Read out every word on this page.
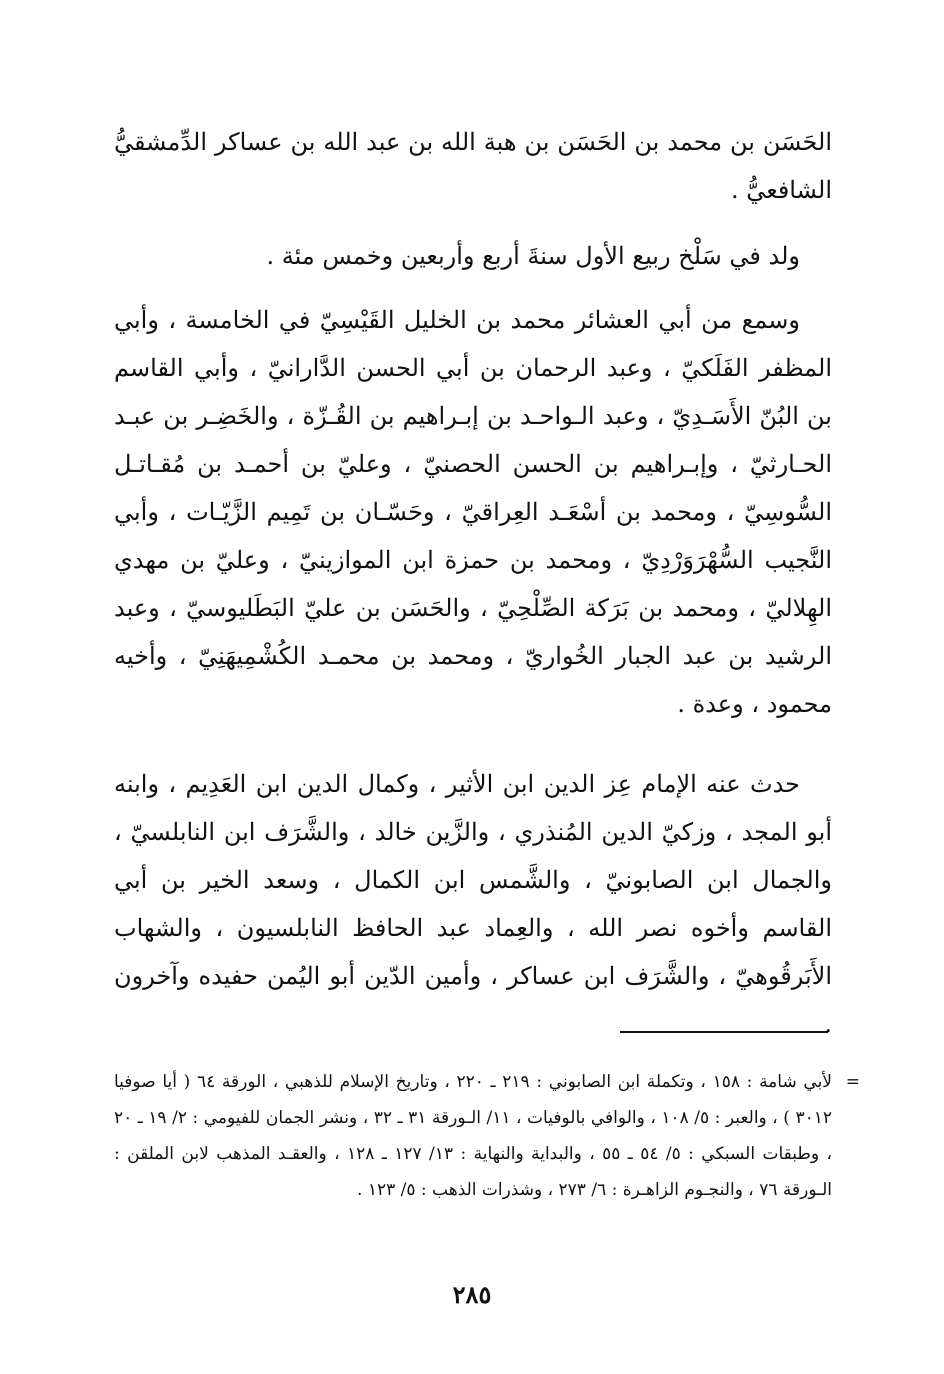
الحَسَن بن محمد بن الحَسَن بن هبة الله بن عبد الله بن عساكر الدِّمشقيُّ الشافعيُّ .

ولد في سَلْخ ربيع الأول سنةَ أربع وأربعين وخمس مئة .

وسمع من أبي العشائر محمد بن الخليل القَيْسِيّ في الخامسة ، وأبي المظفر الفَلَكيّ ، وعبد الرحمان بن أبي الحسن الدَّارانيّ ، وأبي القاسم بن البُنّ الأَسَـدِيّ ، وعبد الـواحـد بن إبـراهيم بن القُـزّة ، والخَضِـر بن عبـد الحـارثيّ ، وإبـراهيم بن الحسن الحصنيّ ، وعليّ بن أحمـد بن مُقـاتـل السُّوسِيّ ، ومحمد بن أسْعَـد العِراقيّ ، وحَسّـان بن تَمِيم الزَّيّـات ، وأبي النَّجيب السُّهْرَوَرْدِيّ ، ومحمد بن حمزة ابن الموازينيّ ، وعليّ بن مهدي الهِلاليّ ، ومحمد بن بَرَكة الصِّلْحِيّ ، والحَسَن بن عليّ البَطَليوسيّ ، وعبد الرشيد بن عبد الجبار الخُواريّ ، ومحمد بن محمـد الكُشْمِيهَنِيّ ، وأخيه محمود ، وعدة .

حدث عنه الإمام عِز الدين ابن الأثير ، وكمال الدين ابن العَدِيم ، وابنه أبو المجد ، وزكيّ الدين المُنذري ، والزَّين خالد ، والشَّرَف ابن النابلسيّ ، والجمال ابن الصابونيّ ، والشَّمس ابن الكمال ، وسعد الخير بن أبي القاسم وأخوه نصر الله ، والعِماد عبد الحافظ النابلسيون ، والشهاب الأَبَرقُوهيّ ، والشَّرَف ابن عساكر ، وأمين الدّين أبو اليُمن حفيده وآخرون .

=
لأبي شامة : ١٥٨ ، وتكملة ابن الصابوني : ٢١٩ ـ ٢٢٠ ، وتاريخ الإسلام للذهبي ، الورقة ٦٤ ( أيا صوفيا ٣٠١٢ ) ، والعبر : ٥/ ١٠٨ ، والوافي بالوفيات ، ١١/ الـورقة ٣١ ـ ٣٢ ، ونشر الجمان للفيومي : ٢/ ١٩ ـ ٢٠ ، وطبقات السبكي : ٥/ ٥٤ ـ ٥٥ ، والبداية والنهاية : ١٣/ ١٢٧ ـ ١٢٨ ، والعقـد المذهب لابن الملقن : الـورقة ٧٦ ، والنجـوم الزاهـرة : ٦/ ٢٧٣ ، وشذرات الذهب : ٥/ ١٢٣ .
٢٨٥
